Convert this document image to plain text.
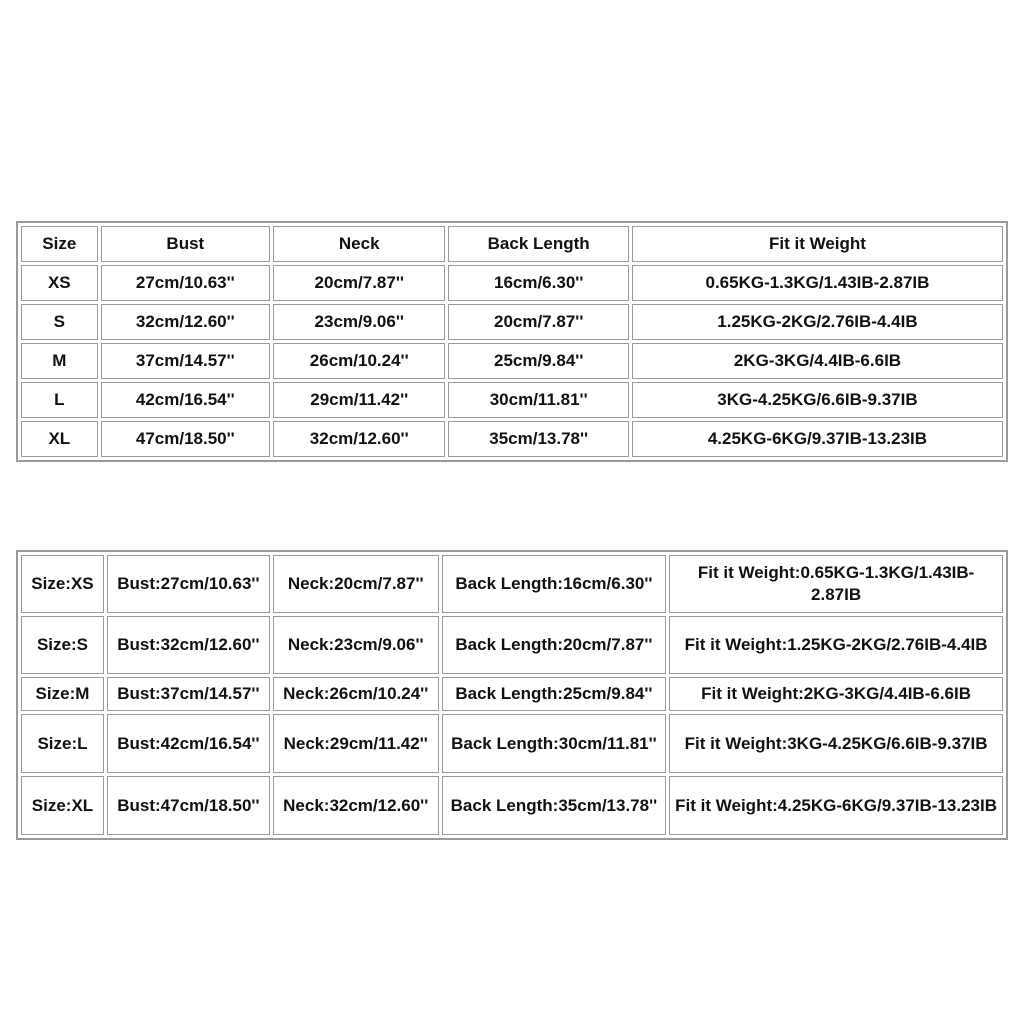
Size	Bust	Neck	Back Length	Fit it Weight
XS	27cm/10.63''	20cm/7.87''	16cm/6.30''	0.65KG-1.3KG/1.43IB-2.87IB
S	32cm/12.60''	23cm/9.06''	20cm/7.87''	1.25KG-2KG/2.76IB-4.4IB
M	37cm/14.57''	26cm/10.24''	25cm/9.84''	2KG-3KG/4.4IB-6.6IB
L	42cm/16.54''	29cm/11.42''	30cm/11.81''	3KG-4.25KG/6.6IB-9.37IB
XL	47cm/18.50''	32cm/12.60''	35cm/13.78''	4.25KG-6KG/9.37IB-13.23IB
Size:XS	Bust:27cm/10.63''	Neck:20cm/7.87''	Back Length:16cm/6.30''	Fit it Weight:0.65KG-1.3KG/1.43IB-2.87IB
Size:S	Bust:32cm/12.60''	Neck:23cm/9.06''	Back Length:20cm/7.87''	Fit it Weight:1.25KG-2KG/2.76IB-4.4IB
Size:M	Bust:37cm/14.57''	Neck:26cm/10.24''	Back Length:25cm/9.84''	Fit it Weight:2KG-3KG/4.4IB-6.6IB
Size:L	Bust:42cm/16.54''	Neck:29cm/11.42''	Back Length:30cm/11.81''	Fit it Weight:3KG-4.25KG/6.6IB-9.37IB
Size:XL	Bust:47cm/18.50''	Neck:32cm/12.60''	Back Length:35cm/13.78''	Fit it Weight:4.25KG-6KG/9.37IB-13.23IB
